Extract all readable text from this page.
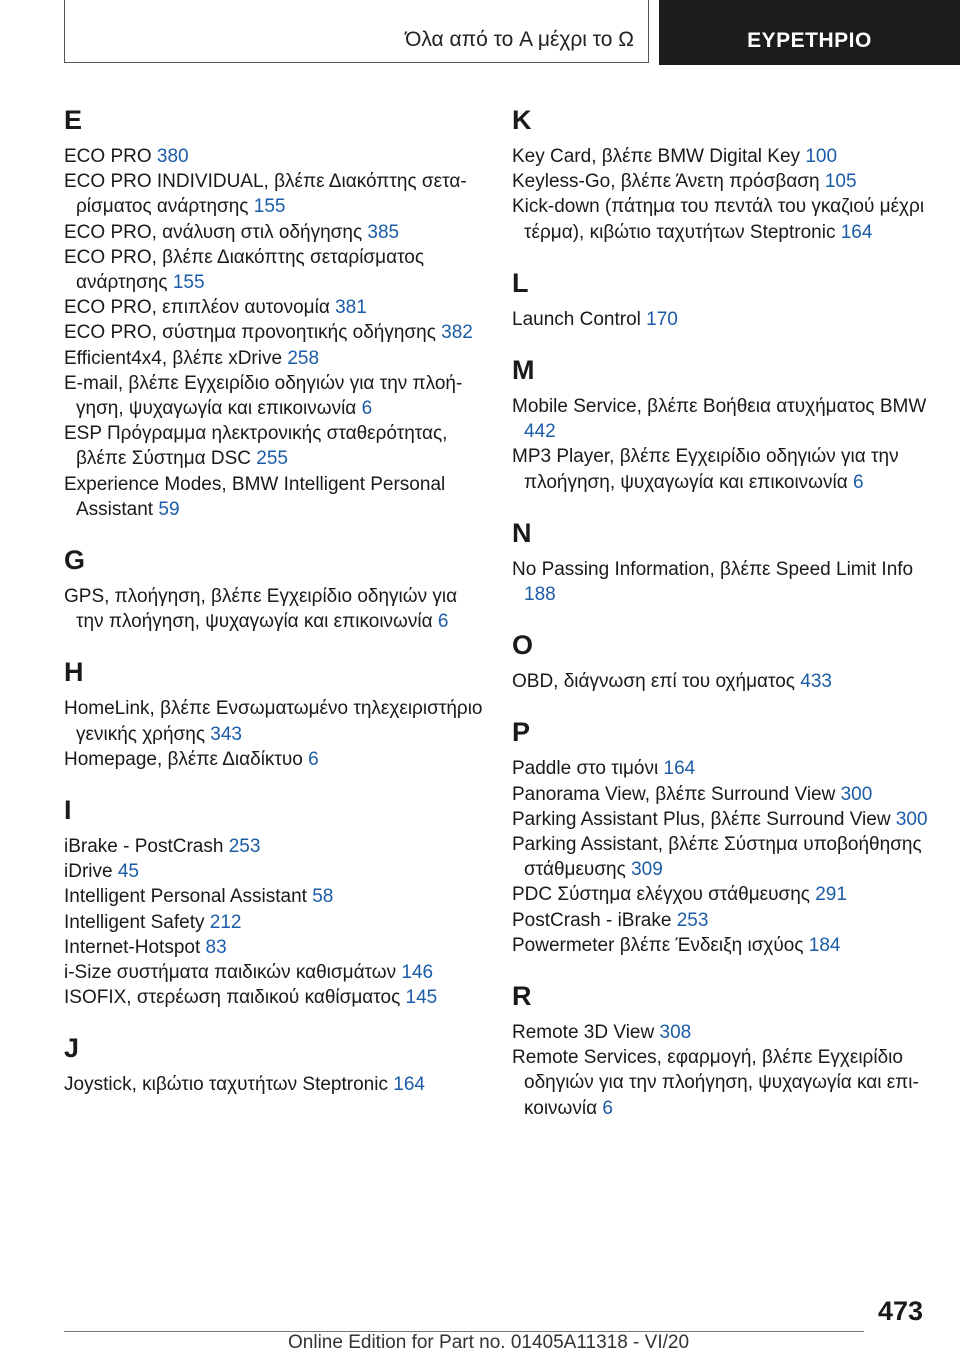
Όλα από το A μέχρι το Ω	ΕΥΡΕΤΗΡΙΟ
E
ECO PRO 380
ECO PRO INDIVIDUAL, βλέπε Διακόπτης σεταρίσματος ανάρτησης 155
ECO PRO, ανάλυση στιλ οδήγησης 385
ECO PRO, βλέπε Διακόπτης σεταρίσματος ανάρτησης 155
ECO PRO, επιπλέον αυτονομία 381
ECO PRO, σύστημα προνοητικής οδήγησης 382
Efficient4x4, βλέπε xDrive 258
E-mail, βλέπε Εγχειρίδιο οδηγιών για την πλοήγηση, ψυχαγωγία και επικοινωνία 6
ESP Πρόγραμμα ηλεκτρονικής σταθερότητας, βλέπε Σύστημα DSC 255
Experience Modes, BMW Intelligent Personal Assistant 59
G
GPS, πλοήγηση, βλέπε Εγχειρίδιο οδηγιών για την πλοήγηση, ψυχαγωγία και επικοινωνία 6
H
HomeLink, βλέπε Ενσωματωμένο τηλεχειριστήριο γενικής χρήσης 343
Homepage, βλέπε Διαδίκτυο 6
I
iBrake - PostCrash 253
iDrive 45
Intelligent Personal Assistant 58
Intelligent Safety 212
Internet-Hotspot 83
i-Size συστήματα παιδικών καθισμάτων 146
ISOFIX, στερέωση παιδικού καθίσματος 145
J
Joystick, κιβώτιο ταχυτήτων Steptronic 164
K
Key Card, βλέπε BMW Digital Key 100
Keyless-Go, βλέπε Άνετη πρόσβαση 105
Kick-down (πάτημα του πεντάλ του γκαζιού μέχρι τέρμα), κιβώτιο ταχυτήτων Steptronic 164
L
Launch Control 170
M
Mobile Service, βλέπε Βοήθεια ατυχήματος BMW 442
MP3 Player, βλέπε Εγχειρίδιο οδηγιών για την πλοήγηση, ψυχαγωγία και επικοινωνία 6
N
No Passing Information, βλέπε Speed Limit Info 188
O
OBD, διάγνωση επί του οχήματος 433
P
Paddle στο τιμόνι 164
Panorama View, βλέπε Surround View 300
Parking Assistant Plus, βλέπε Surround View 300
Parking Assistant, βλέπε Σύστημα υποβοήθησης στάθμευσης 309
PDC Σύστημα ελέγχου στάθμευσης 291
PostCrash - iBrake 253
Powermeter βλέπε Ένδειξη ισχύος 184
R
Remote 3D View 308
Remote Services, εφαρμογή, βλέπε Εγχειρίδιο οδηγιών για την πλοήγηση, ψυχαγωγία και επικοινωνία 6
473
Online Edition for Part no. 01405A11318 - VI/20
